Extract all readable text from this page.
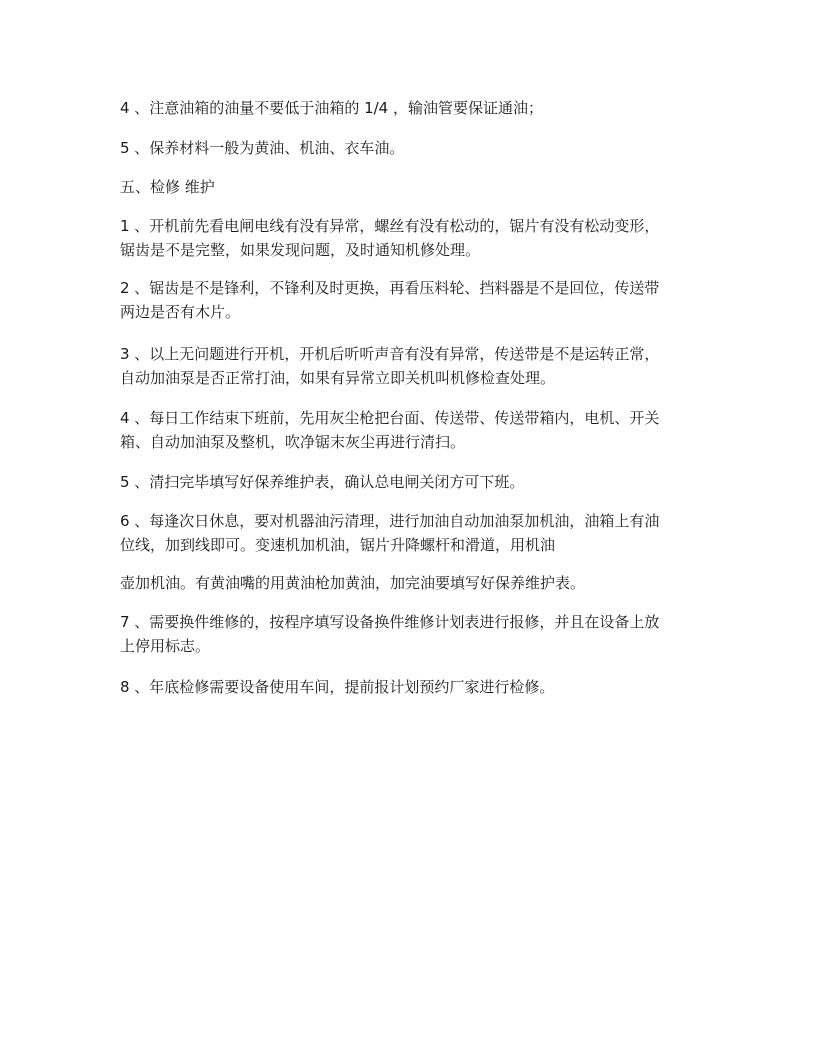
4 、注意油箱的油量不要低于油箱的 1/4 ，输油管要保证通油；

5 、保养材料一般为黄油、机油、衣车油。

五、检修 维护

1 、开机前先看电闸电线有没有异常，螺丝有没有松动的，锯片有没有松动变形，
锯齿是不是完整，如果发现问题，及时通知机修处理。

2 、锯齿是不是锋利，不锋利及时更换，再看压料轮、挡料器是不是回位，传送带
两边是否有木片。

3 、以上无问题进行开机，开机后听听声音有没有异常，传送带是不是运转正常，
自动加油泵是否正常打油，如果有异常立即关机叫机修检查处理。

4 、每日工作结束下班前，先用灰尘枪把台面、传送带、传送带箱内，电机、开关
箱、自动加油泵及整机，吹净锯末灰尘再进行清扫。

5 、清扫完毕填写好保养维护表，确认总电闸关闭方可下班。

6 、每逢次日休息，要对机器油污清理，进行加油自动加油泵加机油，油箱上有油
位线，加到线即可。变速机加机油，锯片升降螺杆和滑道，用机油

壶加机油。有黄油嘴的用黄油枪加黄油，加完油要填写好保养维护表。

7 、需要换件维修的，按程序填写设备换件维修计划表进行报修，并且在设备上放
上停用标志。

8 、年底检修需要设备使用车间，提前报计划预约厂家进行检修。
